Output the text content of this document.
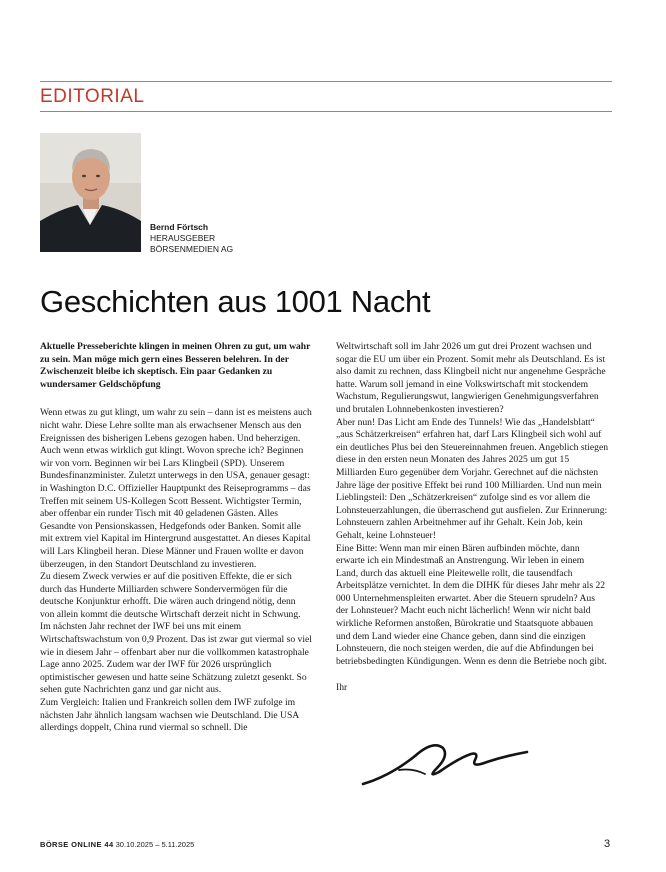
EDITORIAL
Bernd Förtsch
HERAUSGEBER
BÖRSENMEDIEN AG
Geschichten aus 1001 Nacht

Aktuelle Presseberichte klingen in meinen Ohren zu gut, um wahr zu sein. Man möge mich gern eines Besseren belehren. In der Zwischenzeit bleibe ich skeptisch. Ein paar Gedanken zu wundersamer Geldschöpfung

Wenn etwas zu gut klingt, um wahr zu sein – dann ist es meistens auch nicht wahr. Diese Lehre sollte man als erwachsener Mensch aus den Ereignissen des bisherigen Lebens gezogen haben. Und beherzigen. Auch wenn etwas wirklich gut klingt. Wovon spreche ich? Beginnen wir von vorn. Beginnen wir bei Lars Klingbeil (SPD). Unserem Bundesfinanzminister. Zuletzt unterwegs in den USA, genauer gesagt: in Washington D.C. Offizieller Hauptpunkt des Reiseprogramms – das Treffen mit seinem US-Kollegen Scott Bessent. Wichtigster Termin, aber offenbar ein runder Tisch mit 40 geladenen Gästen. Alles Gesandte von Pensionskassen, Hedgefonds oder Banken. Somit alle mit extrem viel Kapital im Hintergrund ausgestattet. An dieses Kapital will Lars Klingbeil heran. Diese Männer und Frauen wollte er davon überzeugen, in den Standort Deutschland zu investieren.

Zu diesem Zweck verwies er auf die positiven Effekte, die er sich durch das Hunderte Milliarden schwere Sondervermögen für die deutsche Konjunktur erhofft. Die wären auch dringend nötig, denn von allein kommt die deutsche Wirtschaft derzeit nicht in Schwung. Im nächsten Jahr rechnet der IWF bei uns mit einem Wirtschaftswachstum von 0,9 Prozent. Das ist zwar gut viermal so viel wie in diesem Jahr – offenbart aber nur die vollkommen katastrophale Lage anno 2025. Zudem war der IWF für 2026 ursprünglich optimistischer gewesen und hatte seine Schätzung zuletzt gesenkt. So sehen gute Nachrichten ganz und gar nicht aus.

Zum Vergleich: Italien und Frankreich sollen dem IWF zufolge im nächsten Jahr ähnlich langsam wachsen wie Deutschland. Die USA allerdings doppelt, China rund viermal so schnell. Die

Weltwirtschaft soll im Jahr 2026 um gut drei Prozent wachsen und sogar die EU um über ein Prozent. Somit mehr als Deutschland. Es ist also damit zu rechnen, dass Klingbeil nicht nur angenehme Gespräche hatte. Warum soll jemand in eine Volkswirtschaft mit stockendem Wachstum, Regulierungswut, langwierigen Genehmigungsverfahren und brutalen Lohnnebenkosten investieren?

Aber nun! Das Licht am Ende des Tunnels! Wie das „Handelsblatt“ „aus Schätzerkreisen“ erfahren hat, darf Lars Klingbeil sich wohl auf ein deutliches Plus bei den Steuereinnahmen freuen. Angeblich stiegen diese in den ersten neun Monaten des Jahres 2025 um gut 15 Milliarden Euro gegenüber dem Vorjahr. Gerechnet auf die nächsten Jahre läge der positive Effekt bei rund 100 Milliarden. Und nun mein Lieblingsteil: Den „Schätzerkreisen“ zufolge sind es vor allem die Lohnsteuerzahlungen, die überraschend gut ausfielen. Zur Erinnerung: Lohnsteuern zahlen Arbeitnehmer auf ihr Gehalt. Kein Job, kein Gehalt, keine Lohnsteuer!

Eine Bitte: Wenn man mir einen Bären aufbinden möchte, dann erwarte ich ein Mindestmaß an Anstrengung. Wir leben in einem Land, durch das aktuell eine Pleitewelle rollt, die tausendfach Arbeitsplätze vernichtet. In dem die DIHK für dieses Jahr mehr als 22 000 Unternehmenspleiten erwartet. Aber die Steuern sprudeln? Aus der Lohnsteuer? Macht euch nicht lächerlich! Wenn wir nicht bald wirkliche Reformen anstoßen, Bürokratie und Staatsquote abbauen und dem Land wieder eine Chance geben, dann sind die einzigen Lohnsteuern, die noch steigen werden, die auf die Abfindungen bei betriebsbedingten Kündigungen. Wenn es denn die Betriebe noch gibt.

Ihr

BÖRSE ONLINE 44 30.10.2025 – 5.11.2025	3
